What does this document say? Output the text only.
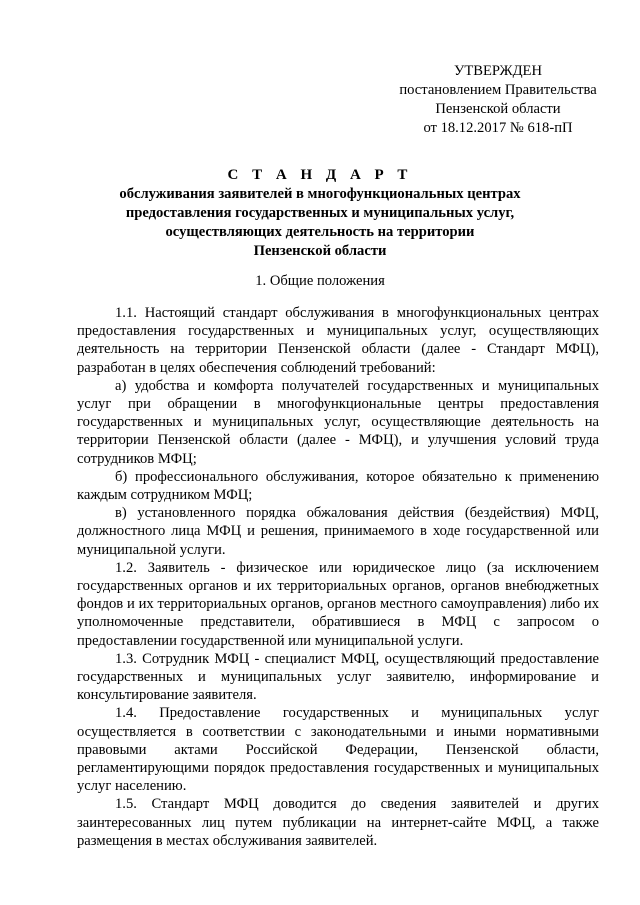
УТВЕРЖДЕН
постановлением Правительства
Пензенской области
от 18.12.2017 № 618-пП
С Т А Н Д А Р Т
обслуживания заявителей в многофункциональных центрах
предоставления государственных и муниципальных услуг,
осуществляющих деятельность на территории
Пензенской области
1. Общие положения

1.1. Настоящий стандарт обслуживания в многофункциональных центрах предоставления государственных и муниципальных услуг, осуществляющих деятельность на территории Пензенской области (далее - Стандарт МФЦ), разработан в целях обеспечения соблюдений требований:

а) удобства и комфорта получателей государственных и муниципальных услуг при обращении в многофункциональные центры предоставления государственных и муниципальных услуг, осуществляющие деятельность на территории Пензенской области (далее - МФЦ), и улучшения условий труда сотрудников МФЦ;

б) профессионального обслуживания, которое обязательно к применению каждым сотрудником МФЦ;

в) установленного порядка обжалования действия (бездействия) МФЦ, должностного лица МФЦ и решения, принимаемого в ходе государственной или муниципальной услуги.

1.2. Заявитель - физическое или юридическое лицо (за исключением государственных органов и их территориальных органов, органов внебюджетных фондов и их территориальных органов, органов местного самоуправления) либо их уполномоченные представители, обратившиеся в МФЦ с запросом о предоставлении государственной или муниципальной услуги.

1.3. Сотрудник МФЦ - специалист МФЦ, осуществляющий предоставление государственных и муниципальных услуг заявителю, информирование и консультирование заявителя.

1.4. Предоставление государственных и муниципальных услуг осуществляется в соответствии с законодательными и иными нормативными правовыми актами Российской Федерации, Пензенской области, регламентирующими порядок предоставления государственных и муниципальных услуг населению.

1.5. Стандарт МФЦ доводится до сведения заявителей и других заинтересованных лиц путем публикации на интернет-сайте МФЦ, а также размещения в местах обслуживания заявителей.
